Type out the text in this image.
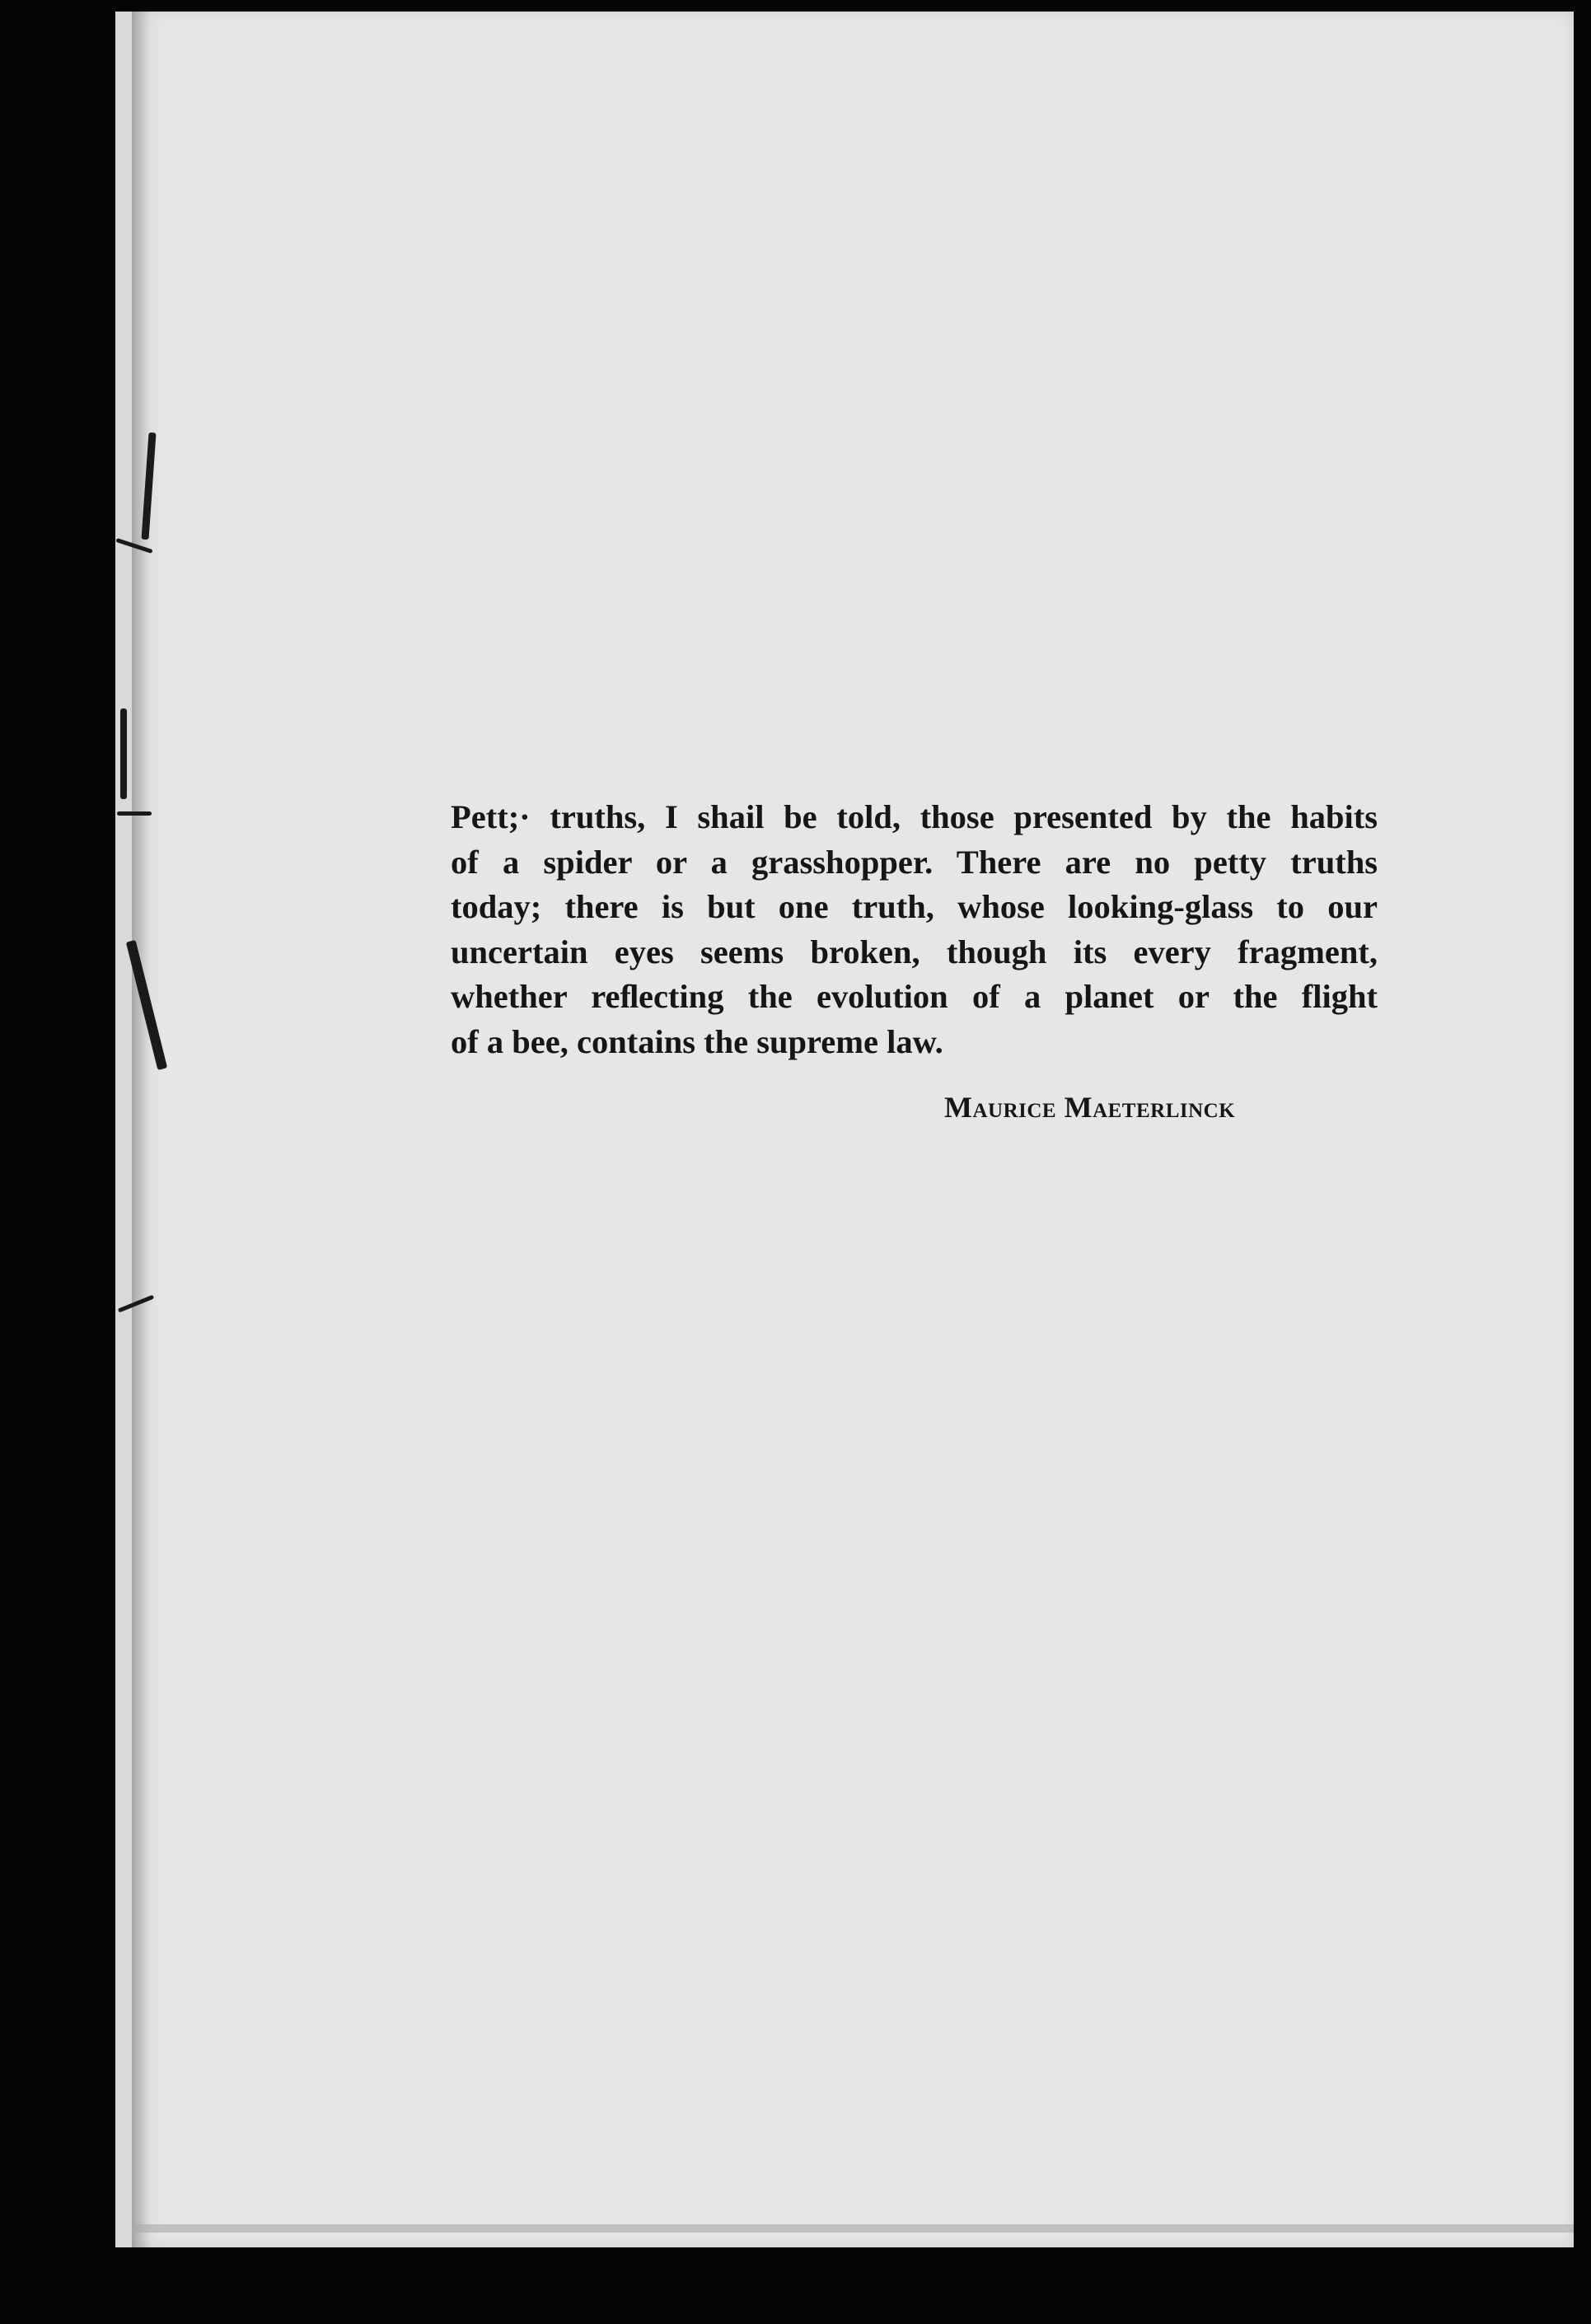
Pett;· truths, I shail be told, those presented by the habits
of a spider or a grasshopper. There are no petty truths
today; there is but one truth, whose looking-glass to our
uncertain eyes seems broken, though its every fragment,
whether re⁠ﬂ⁠ecting the evolution of a planet or the flight
of a bee, contains the supreme law.
Maurice Maeterlinck
